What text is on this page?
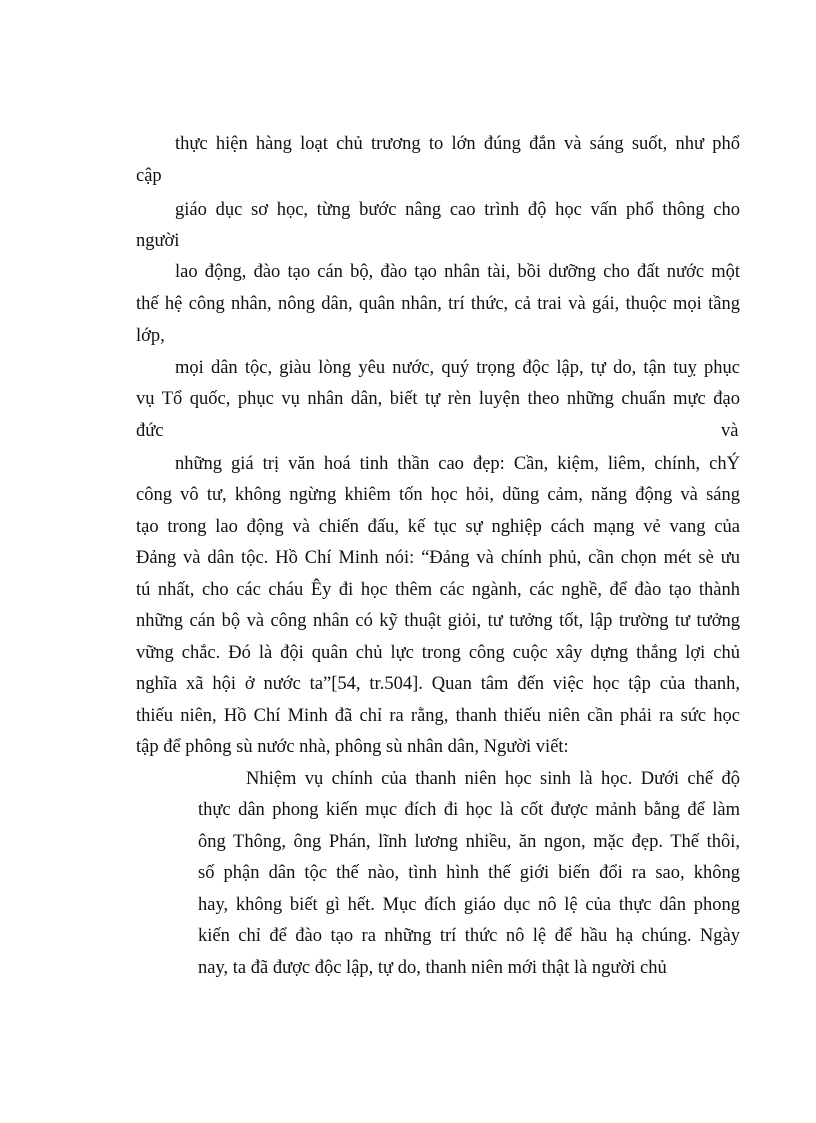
thực hiện hàng loạt chủ trương to lớn đúng đắn và sáng suốt, như phổ
cập
giáo dục sơ học, từng bước nâng cao trình độ học vấn phổ thông cho
người
lao động, đào tạo cán bộ, đào tạo nhân tài, bồi dưỡng cho đất nước một
thế hệ công nhân, nông dân, quân nhân, trí thức, cả trai và gái, thuộc mọi tầng
lớp,
mọi dân tộc, giàu lòng yêu nước, quý trọng độc lập, tự do, tận tuỵ phục
vụ Tổ quốc, phục vụ nhân dân, biết tự rèn luyện theo những chuẩn mực đạo
đức	và
những giá trị văn hoá tinh thần cao đẹp: Cần, kiệm, liêm, chính, chÝ
công vô tư, không ngừng khiêm tốn học hỏi, dũng cảm, năng động và sáng
tạo trong lao động và chiến đấu, kế tục sự nghiệp cách mạng vẻ vang của
Đảng và dân tộc. Hồ Chí Minh nói: “Đảng và chính phủ, cần chọn mét sè ưu
tú nhất, cho các cháu Êy đi học thêm các ngành, các nghề, để đào tạo thành
những cán bộ và công nhân có kỹ thuật giỏi, tư tưởng tốt, lập trường tư tưởng
vững chắc. Đó là đội quân chủ lực trong công cuộc xây dựng thắng lợi chủ
nghĩa xã hội ở nước ta”[54, tr.504]. Quan tâm đến việc học tập của thanh,
thiếu niên, Hồ Chí Minh đã chỉ ra rằng, thanh thiếu niên cần phải ra sức học
tập để phông sù nước nhà, phông sù nhân dân, Người viết:
Nhiệm vụ chính của thanh niên học sinh là học. Dưới chế độ
thực dân phong kiến mục đích đi học là cốt được mảnh bằng để làm
ông Thông, ông Phán, lĩnh lương nhiều, ăn ngon, mặc đẹp. Thế thôi,
số phận dân tộc thế nào, tình hình thế giới biến đổi ra sao, không
hay, không biết gì hết. Mục đích giáo dục nô lệ của thực dân phong
kiến chỉ để đào tạo ra những trí thức nô lệ để hầu hạ chúng. Ngày
nay, ta đã được độc lập, tự do, thanh niên mới thật là người chủ
